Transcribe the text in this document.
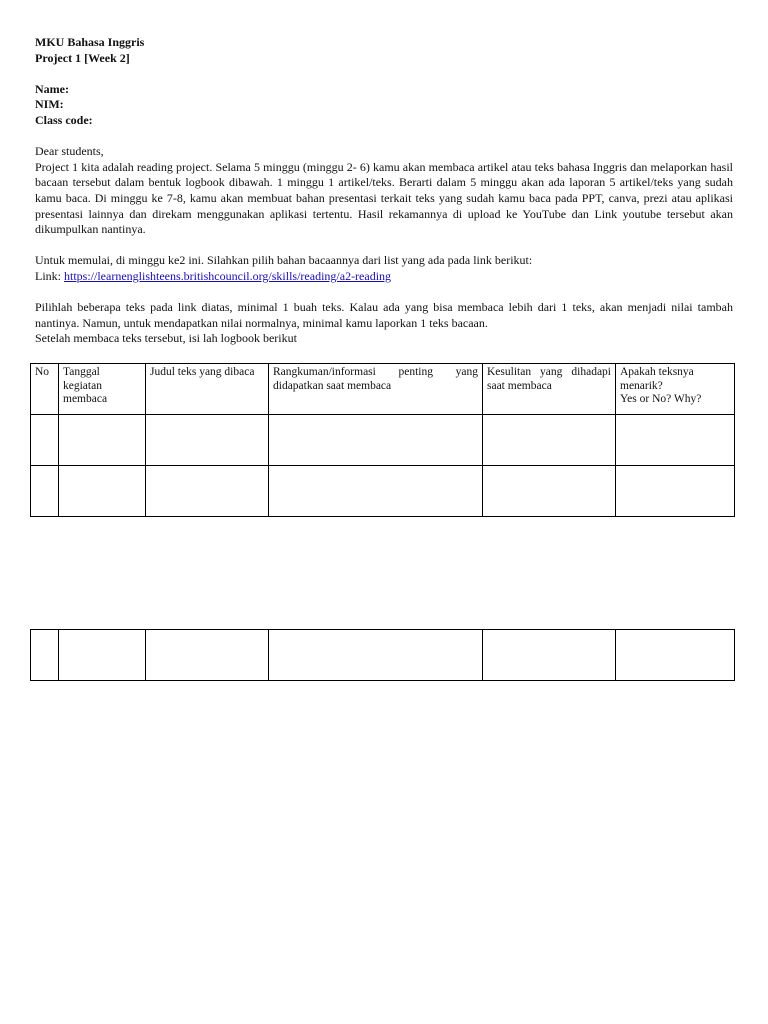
MKU Bahasa Inggris

Project 1 [Week 2]

Name:

NIM:

Class code:

Dear students,

Project 1 kita adalah reading project. Selama 5 minggu (minggu 2- 6) kamu akan membaca artikel atau teks bahasa Inggris dan melaporkan hasil bacaan tersebut dalam bentuk logbook dibawah. 1 minggu 1 artikel/teks. Berarti dalam 5 minggu akan ada laporan 5 artikel/teks yang sudah kamu baca. Di minggu ke 7-8, kamu akan membuat bahan presentasi terkait teks yang sudah kamu baca pada PPT, canva, prezi atau aplikasi presentasi lainnya dan direkam menggunakan aplikasi tertentu. Hasil rekamannya di upload ke YouTube dan Link youtube tersebut akan dikumpulkan nantinya.

Untuk memulai, di minggu ke2 ini. Silahkan pilih bahan bacaannya dari list yang ada pada link berikut:

Link: https://learnenglishteens.britishcouncil.org/skills/reading/a2-reading

Pilihlah beberapa teks pada link diatas, minimal 1 buah teks. Kalau ada yang bisa membaca lebih dari 1 teks, akan menjadi nilai tambah nantinya. Namun, untuk mendapatkan nilai normalnya, minimal kamu laporkan 1 teks bacaan.

Setelah membaca teks tersebut, isi lah logbook berikut

No	Tanggal kegiatan membaca	Judul teks yang dibaca	Rangkuman/informasi penting yang didapatkan saat membaca	Kesulitan yang dihadapi saat membaca	Apakah teksnya menarik?
Yes or No? Why?
